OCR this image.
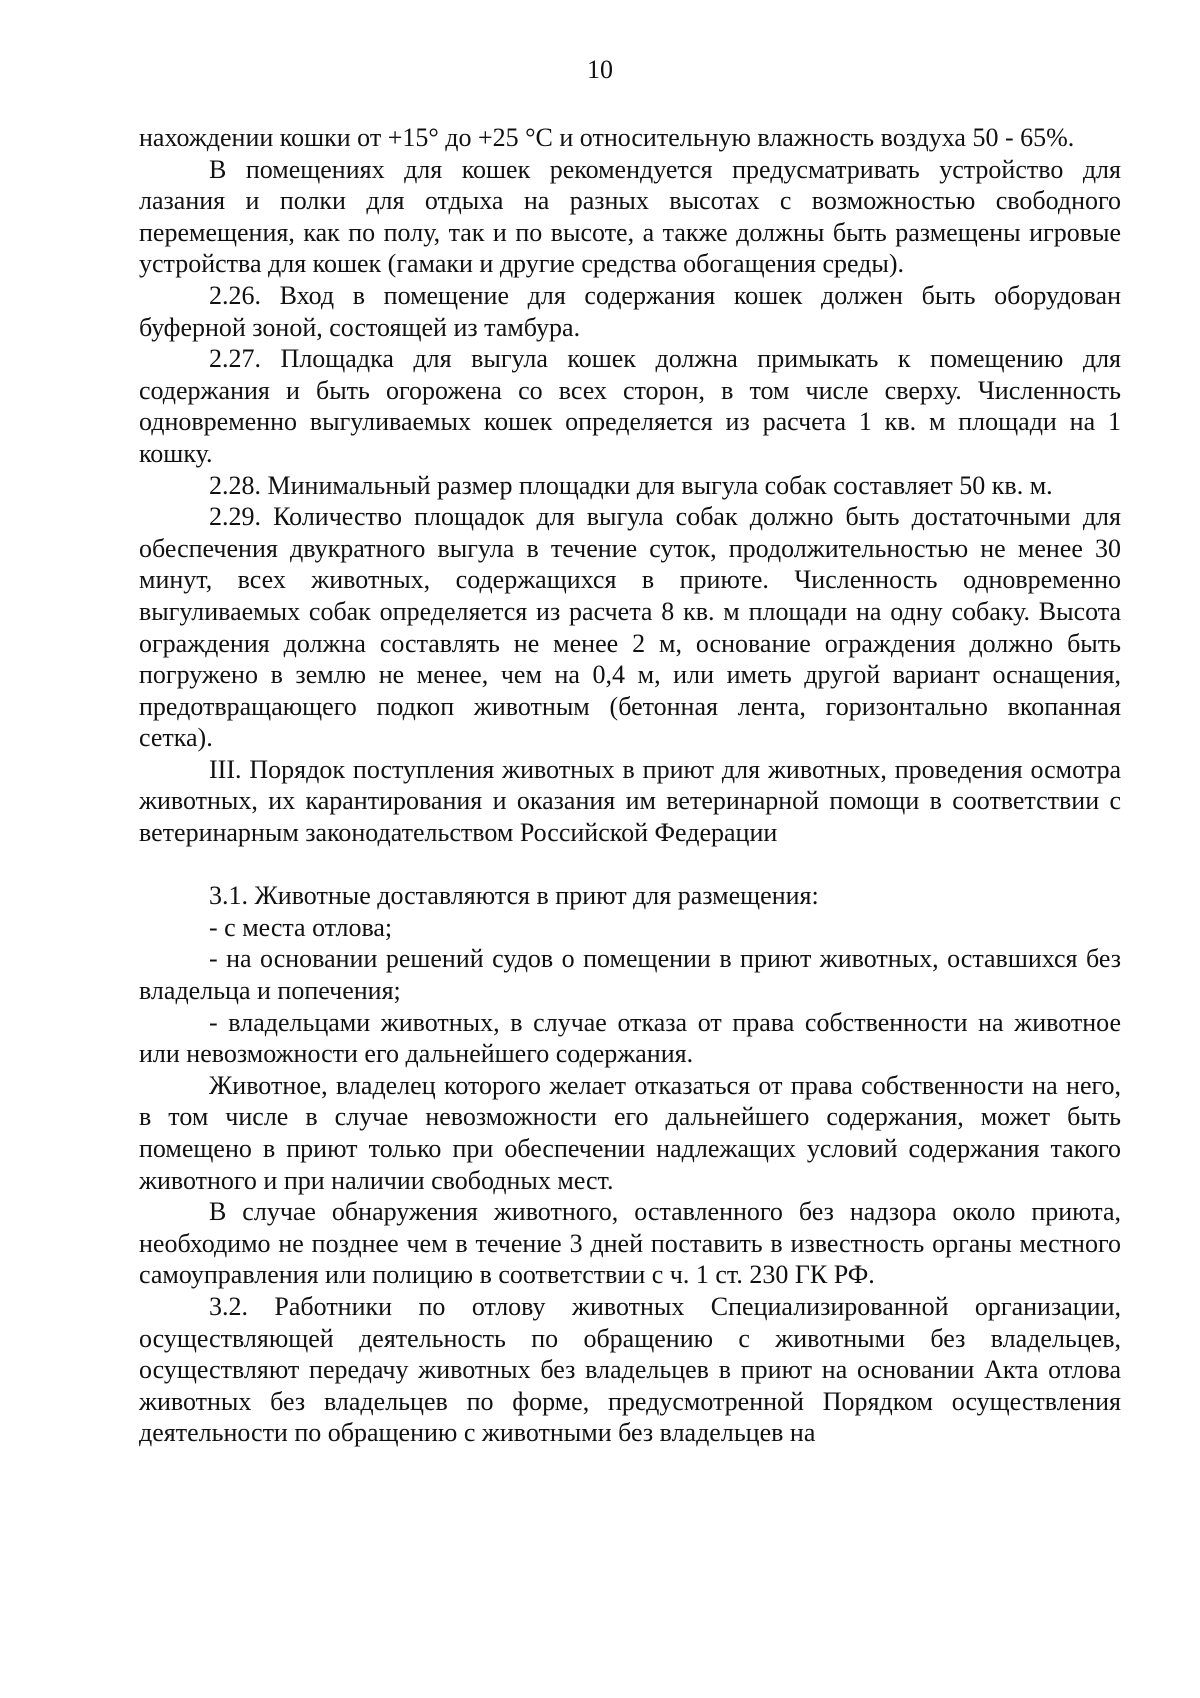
10

нахождении кошки от +15° до +25 °С и относительную влажность воздуха 50 - 65%.

В помещениях для кошек рекомендуется предусматривать устройство для лазания и полки для отдыха на разных высотах с возможностью свободного перемещения, как по полу, так и по высоте, а также должны быть размещены игровые устройства для кошек (гамаки и другие средства обогащения среды).

2.26. Вход в помещение для содержания кошек должен быть оборудован буферной зоной, состоящей из тамбура.

2.27. Площадка для выгула кошек должна примыкать к помещению для содержания и быть огорожена со всех сторон, в том числе сверху. Численность одновременно выгуливаемых кошек определяется из расчета 1 кв. м площади на 1 кошку.

2.28. Минимальный размер площадки для выгула собак составляет 50 кв. м.

2.29. Количество площадок для выгула собак должно быть достаточными для обеспечения двукратного выгула в течение суток, продолжительностью не менее 30 минут, всех животных, содержащихся в приюте. Численность одновременно выгуливаемых собак определяется из расчета 8 кв. м площади на одну собаку. Высота ограждения должна составлять не менее 2 м, основание ограждения должно быть погружено в землю не менее, чем на 0,4 м, или иметь другой вариант оснащения, предотвращающего подкоп животным (бетонная лента, горизонтально вкопанная сетка).

III. Порядок поступления животных в приют для животных, проведения осмотра животных, их карантирования и оказания им ветеринарной помощи в соответствии с ветеринарным законодательством Российской Федерации

3.1. Животные доставляются в приют для размещения:

- с места отлова;

- на основании решений судов о помещении в приют животных, оставшихся без владельца и попечения;

- владельцами животных, в случае отказа от права собственности на животное или невозможности его дальнейшего содержания.

Животное, владелец которого желает отказаться от права собственности на него, в том числе в случае невозможности его дальнейшего содержания, может быть помещено в приют только при обеспечении надлежащих условий содержания такого животного и при наличии свободных мест.

В случае обнаружения животного, оставленного без надзора около приюта, необходимо не позднее чем в течение 3 дней поставить в известность органы местного самоуправления или полицию в соответствии с ч. 1 ст. 230 ГК РФ.

3.2. Работники по отлову животных Специализированной организации, осуществляющей деятельность по обращению с животными без владельцев, осуществляют передачу животных без владельцев в приют на основании Акта отлова животных без владельцев по форме, предусмотренной Порядком осуществления деятельности по обращению с животными без владельцев на
